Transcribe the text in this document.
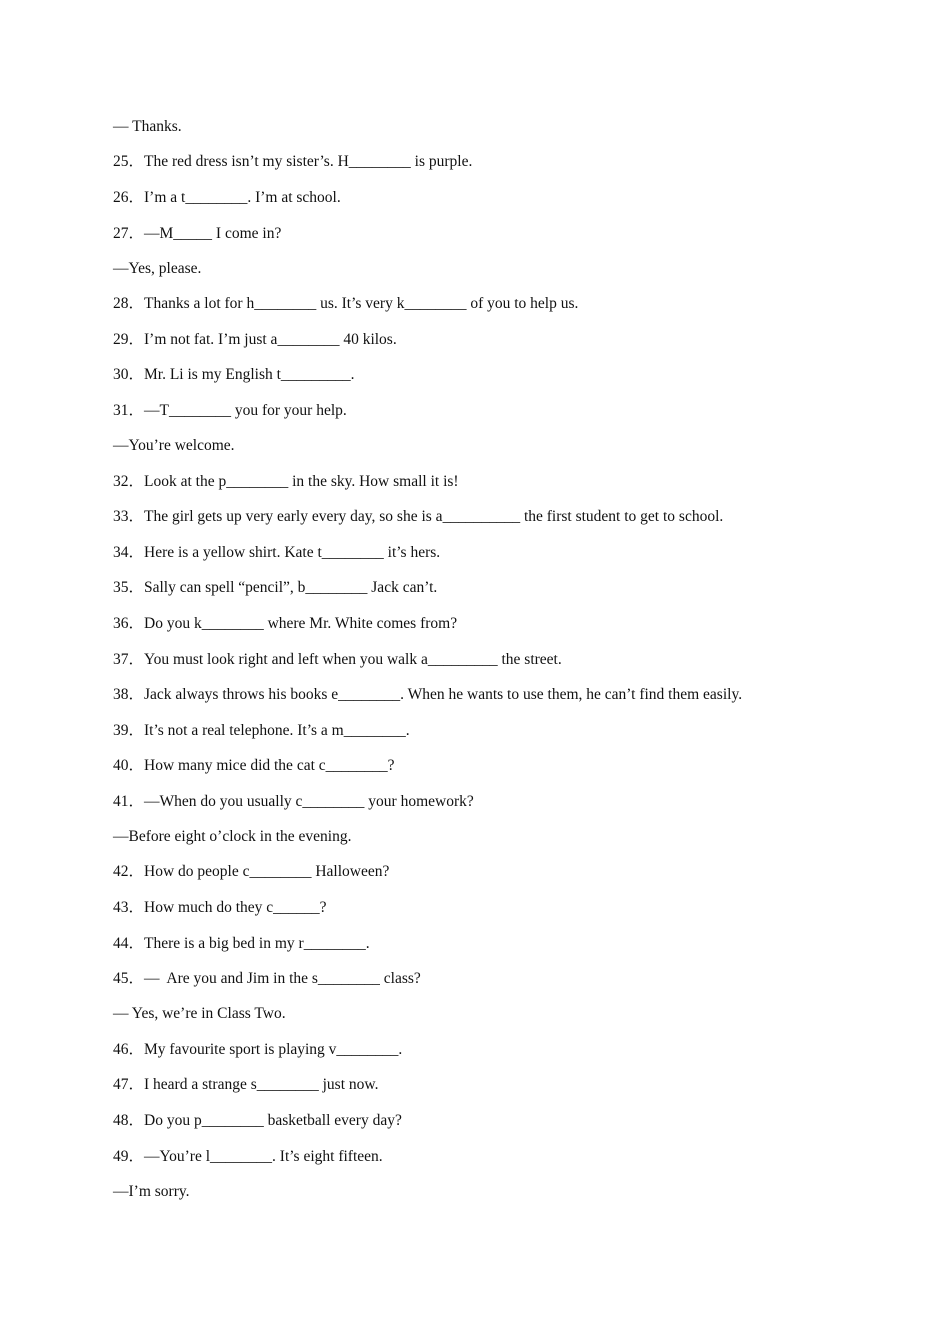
— Thanks.
25．The red dress isn’t my sister’s. H________ is purple.
26．I’m a t________. I’m at school.
27．—M_____ I come in?
—Yes, please.
28．Thanks a lot for h________ us. It’s very k________ of you to help us.
29．I’m not fat. I’m just a________ 40 kilos.
30．Mr. Li is my English t_________.
31．—T________ you for your help.
—You’re welcome.
32．Look at the p________ in the sky. How small it is!
33．The girl gets up very early every day, so she is a__________ the first student to get to school.
34．Here is a yellow shirt. Kate t________ it’s hers.
35．Sally can spell “pencil”, b________ Jack can’t.
36．Do you k________ where Mr. White comes from?
37．You must look right and left when you walk a_________ the street.
38．Jack always throws his books e________. When he wants to use them, he can’t find them easily.
39．It’s not a real telephone. It’s a m________.
40．How many mice did the cat c________?
41．—When do you usually c________ your homework?
—Before eight o’clock in the evening.
42．How do people c________ Halloween?
43．How much do they c______?
44．There is a big bed in my r________.
45．—  Are you and Jim in the s________ class?
— Yes, we’re in Class Two.
46．My favourite sport is playing v________.
47．I heard a strange s________ just now.
48．Do you p________ basketball every day?
49．—You’re l________. It’s eight fifteen.
—I’m sorry.
